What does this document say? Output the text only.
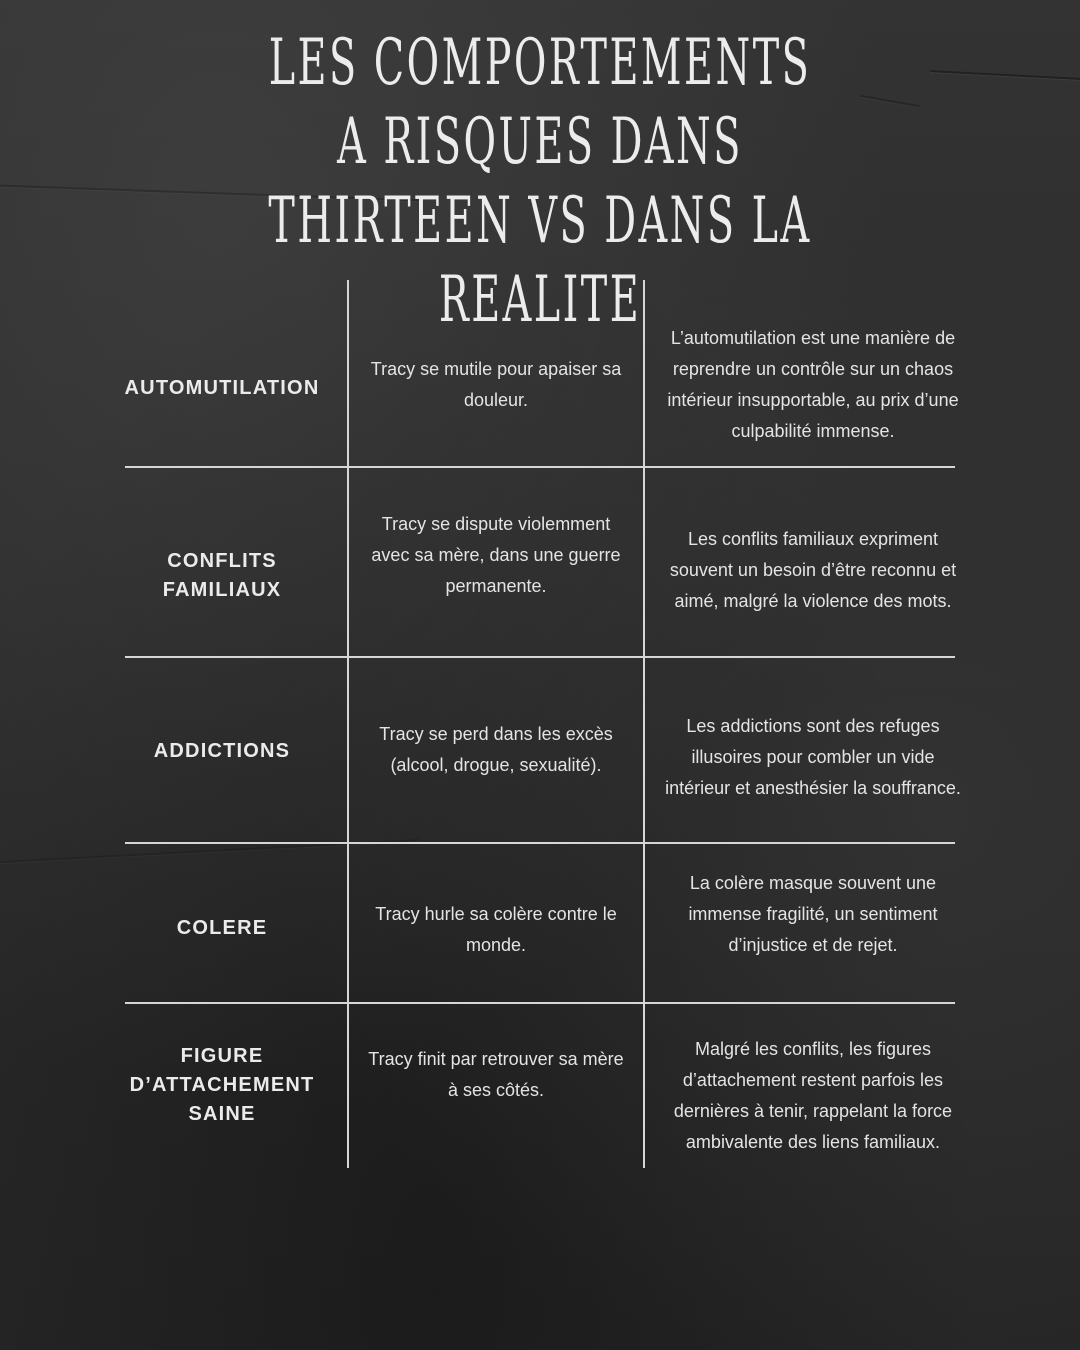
LES COMPORTEMENTS A RISQUES DANS THIRTEEN VS DANS LA REALITE
AUTOMUTILATION
Tracy se mutile pour apaiser sa douleur.
L’automutilation est une manière de reprendre un contrôle sur un chaos intérieur insupportable, au prix d’une culpabilité immense.
CONFLITS FAMILIAUX
Tracy se dispute violemment avec sa mère, dans une guerre permanente.
Les conflits familiaux expriment souvent un besoin d’être reconnu et aimé, malgré la violence des mots.
ADDICTIONS
Tracy se perd dans les excès (alcool, drogue, sexualité).
Les addictions sont des refuges illusoires pour combler un vide intérieur et anesthésier la souffrance.
COLERE
Tracy hurle sa colère contre le monde.
La colère masque souvent une immense fragilité, un sentiment d’injustice et de rejet.
FIGURE D’ATTACHEMENT SAINE
Tracy finit par retrouver sa mère à ses côtés.
Malgré les conflits, les figures d’attachement restent parfois les dernières à tenir, rappelant la force ambivalente des liens familiaux.
